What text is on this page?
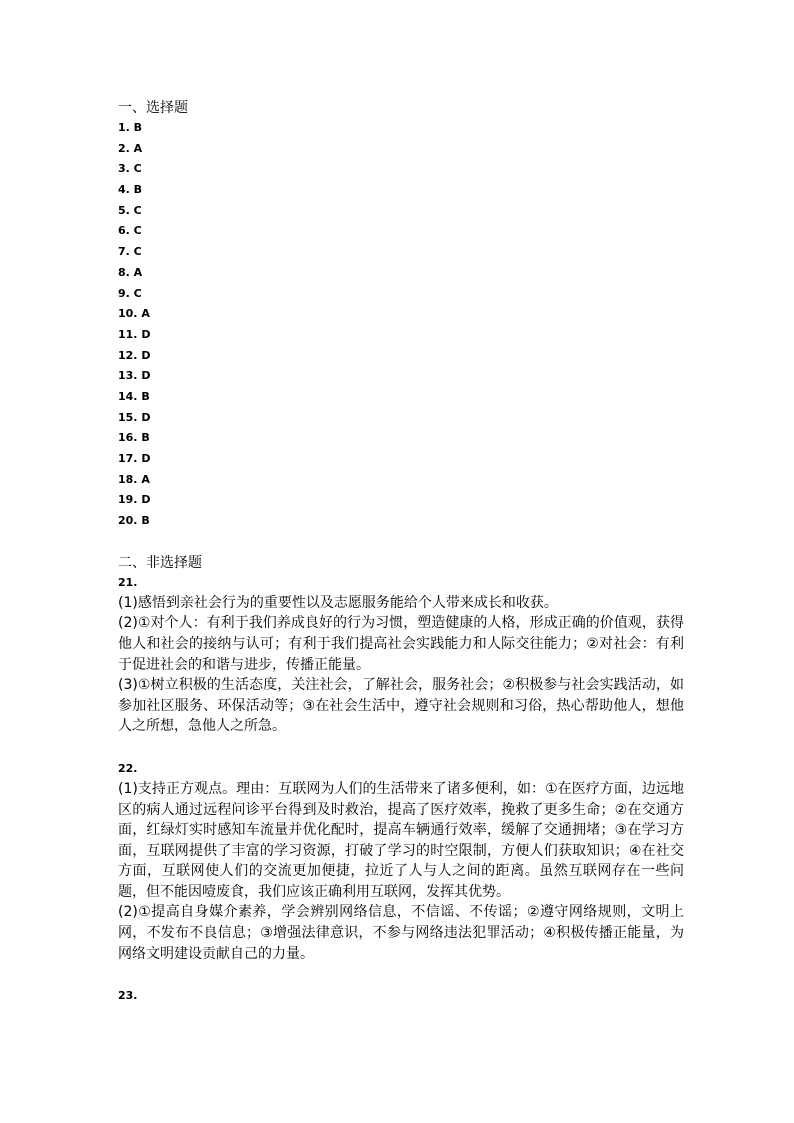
一、选择题
1. B
2. A
3. C
4. B
5. C
6. C
7. C
8. A
9. C
10. A
11. D
12. D
13. D
14. B
15. D
16. B
17. D
18. A
19. D
20. B
二、非选择题
21.

(1)感悟到亲社会行为的重要性以及志愿服务能给个人带来成长和收获。

(2)①对个人：有利于我们养成良好的行为习惯，塑造健康的人格，形成正确的价值观，获得他人和社会的接纳与认可；有利于我们提高社会实践能力和人际交往能力；②对社会：有利于促进社会的和谐与进步，传播正能量。

(3)①树立积极的生活态度，关注社会，了解社会，服务社会；②积极参与社会实践活动，如参加社区服务、环保活动等；③在社会生活中，遵守社会规则和习俗，热心帮助他人，想他人之所想，急他人之所急。

22.

(1)支持正方观点。理由：互联网为人们的生活带来了诸多便利，如：①在医疗方面，边远地区的病人通过远程问诊平台得到及时救治，提高了医疗效率，挽救了更多生命；②在交通方面，红绿灯实时感知车流量并优化配时，提高车辆通行效率，缓解了交通拥堵；③在学习方面，互联网提供了丰富的学习资源，打破了学习的时空限制，方便人们获取知识；④在社交方面，互联网使人们的交流更加便捷，拉近了人与人之间的距离。虽然互联网存在一些问题，但不能因噎废食，我们应该正确利用互联网，发挥其优势。

(2)①提高自身媒介素养，学会辨别网络信息，不信谣、不传谣；②遵守网络规则，文明上网，不发布不良信息；③增强法律意识，不参与网络违法犯罪活动；④积极传播正能量，为网络文明建设贡献自己的力量。

23.
